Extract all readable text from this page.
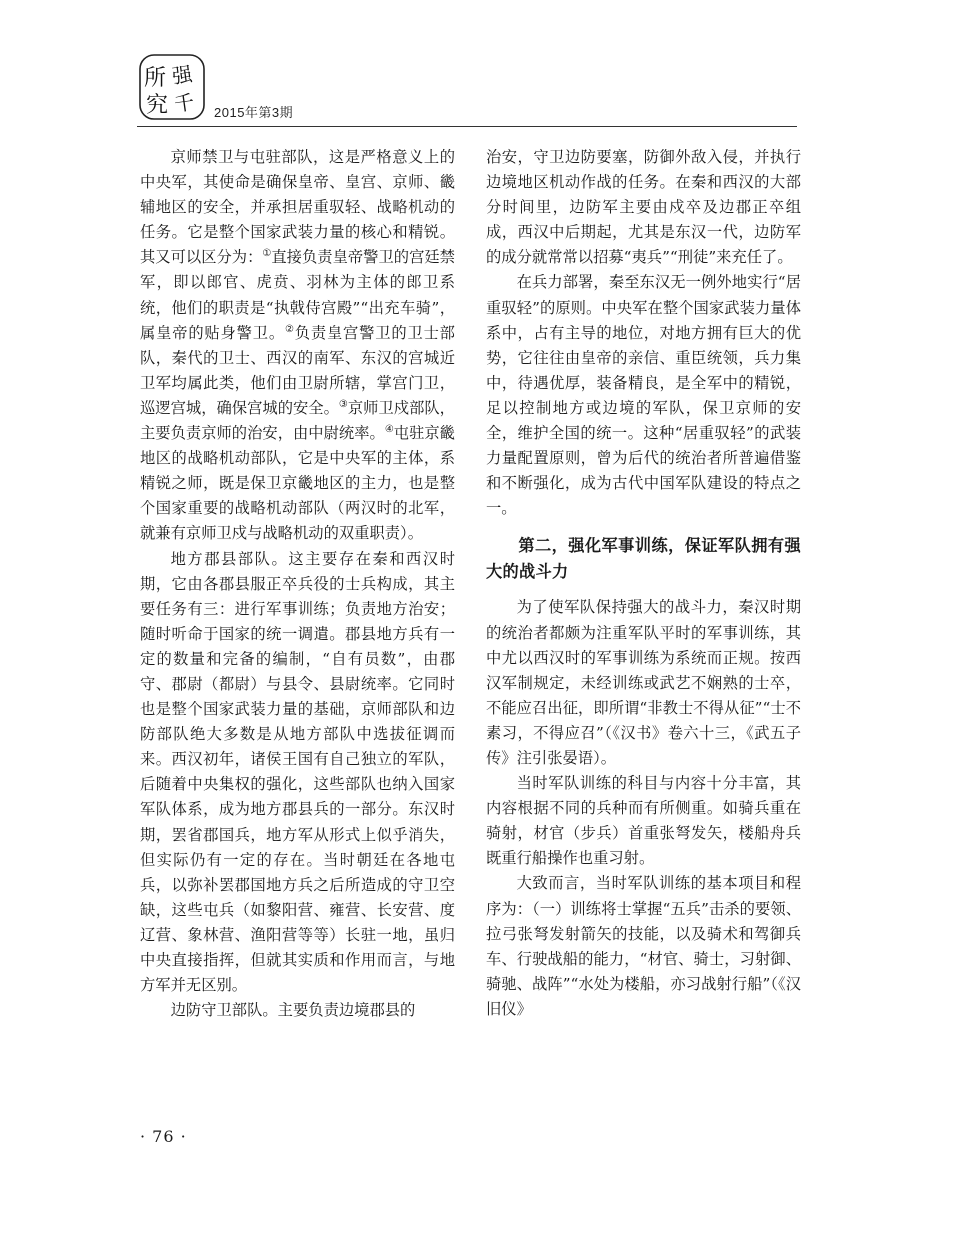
所 强
究 千 2015年第3期

京师禁卫与屯驻部队，这是严格意义上的中央军，其使命是确保皇帝、皇宫、京师、畿辅地区的安全，并承担居重驭轻、战略机动的任务。它是整个国家武装力量的核心和精锐。其又可以区分为：①直接负责皇帝警卫的宫廷禁军，即以郎官、虎贲、羽林为主体的郎卫系统，他们的职责是“执戟侍宫殿”“出充车骑”，属皇帝的贴身警卫。②负责皇宫警卫的卫士部队，秦代的卫士、西汉的南军、东汉的宫城近卫军均属此类，他们由卫尉所辖，掌宫门卫，巡逻宫城，确保宫城的安全。③京师卫戍部队，主要负责京师的治安，由中尉统率。④屯驻京畿地区的战略机动部队，它是中央军的主体，系精锐之师，既是保卫京畿地区的主力，也是整个国家重要的战略机动部队（两汉时的北军，就兼有京师卫戍与战略机动的双重职责）。

地方郡县部队。这主要存在秦和西汉时期，它由各郡县服正卒兵役的士兵构成，其主要任务有三：进行军事训练；负责地方治安；随时听命于国家的统一调遣。郡县地方兵有一定的数量和完备的编制，“自有员数”，由郡守、郡尉（都尉）与县令、县尉统率。它同时也是整个国家武装力量的基础，京师部队和边防部队绝大多数是从地方部队中选拔征调而来。西汉初年，诸侯王国有自己独立的军队，后随着中央集权的强化，这些部队也纳入国家军队体系，成为地方郡县兵的一部分。东汉时期，罢省郡国兵，地方军从形式上似乎消失，但实际仍有一定的存在。当时朝廷在各地屯兵，以弥补罢郡国地方兵之后所造成的守卫空缺，这些屯兵（如黎阳营、雍营、长安营、度辽营、象林营、渔阳营等等）长驻一地，虽归中央直接指挥，但就其实质和作用而言，与地方军并无区别。

边防守卫部队。主要负责边境郡县的

治安，守卫边防要塞，防御外敌入侵，并执行边境地区机动作战的任务。在秦和西汉的大部分时间里，边防军主要由戍卒及边郡正卒组成，西汉中后期起，尤其是东汉一代，边防军的成分就常常以招募“夷兵”“刑徒”来充任了。

在兵力部署，秦至东汉无一例外地实行“居重驭轻”的原则。中央军在整个国家武装力量体系中，占有主导的地位，对地方拥有巨大的优势，它往往由皇帝的亲信、重臣统领，兵力集中，待遇优厚，装备精良，是全军中的精锐，足以控制地方或边境的军队，保卫京师的安全，维护全国的统一。这种“居重驭轻”的武装力量配置原则，曾为后代的统治者所普遍借鉴和不断强化，成为古代中国军队建设的特点之一。

第二，强化军事训练，保证军队拥有强大的战斗力

为了使军队保持强大的战斗力，秦汉时期的统治者都颇为注重军队平时的军事训练，其中尤以西汉时的军事训练为系统而正规。按西汉军制规定，未经训练或武艺不娴熟的士卒，不能应召出征，即所谓“非教士不得从征”“士不素习，不得应召”（《汉书》卷六十三，《武五子传》注引张晏语）。

当时军队训练的科目与内容十分丰富，其内容根据不同的兵种而有所侧重。如骑兵重在骑射，材官（步兵）首重张弩发矢，楼船舟兵既重行船操作也重习射。

大致而言，当时军队训练的基本项目和程序为：（一）训练将士掌握“五兵”击杀的要领、拉弓张弩发射箭矢的技能，以及骑术和驾御兵车、行驶战船的能力，“材官、骑士，习射御、骑驰、战阵”“水处为楼船，亦习战射行船”（《汉旧仪》

· 76 ·
